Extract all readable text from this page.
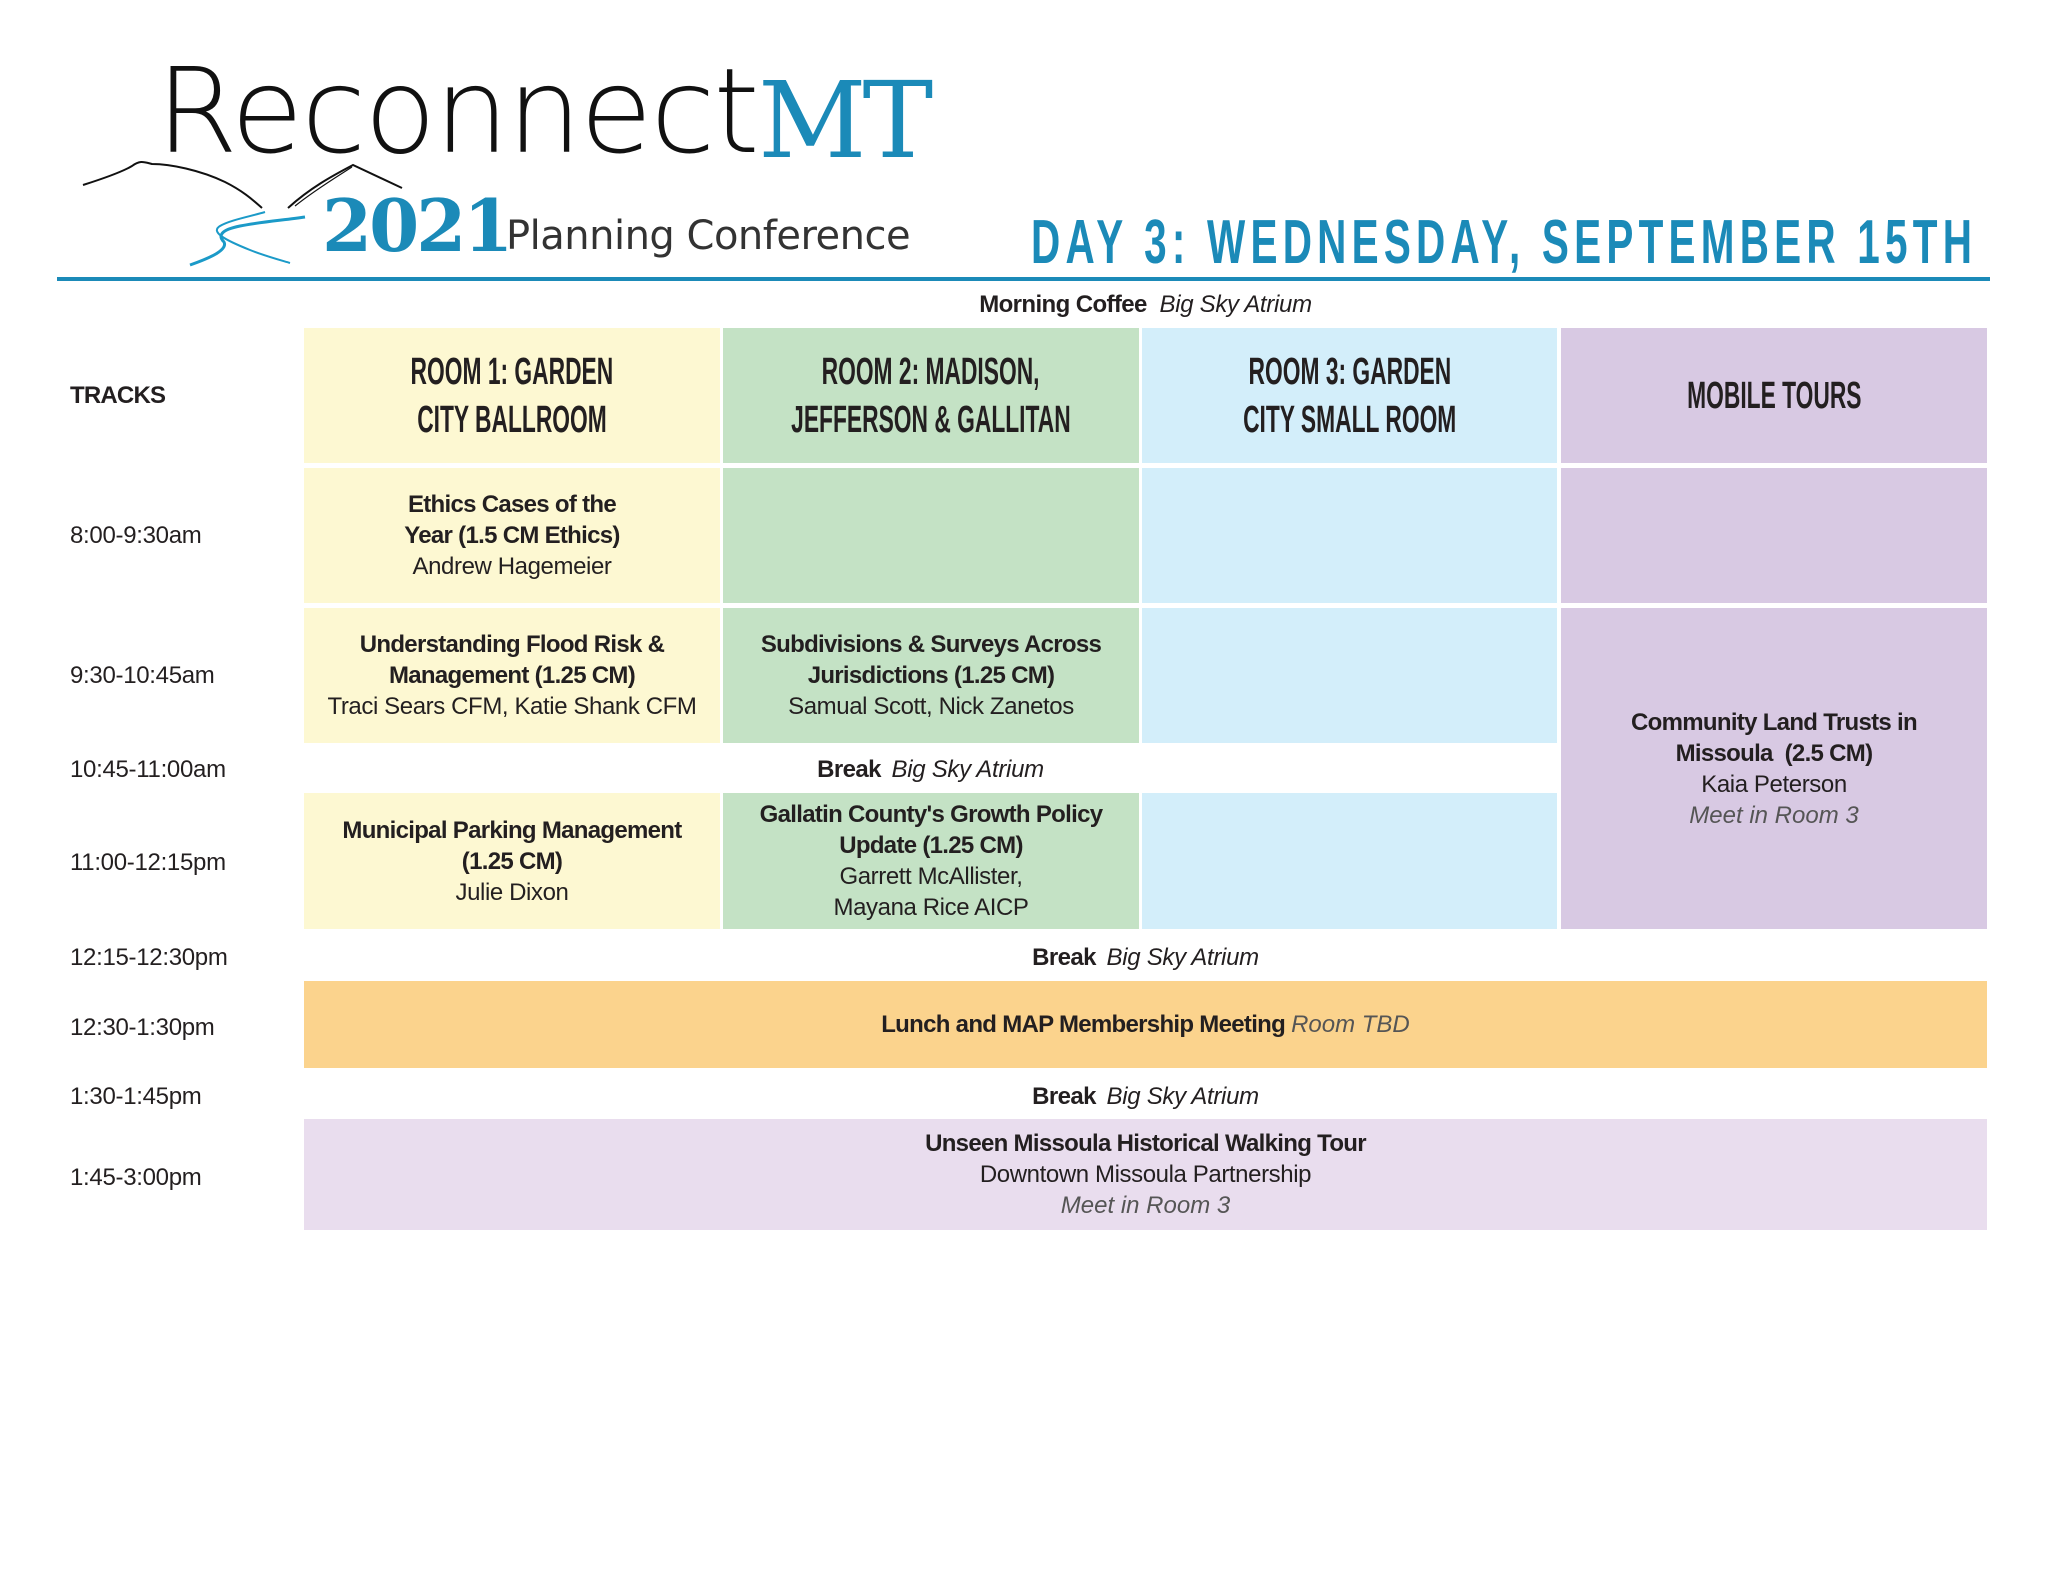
Reconnect MT
2021
Planning Conference DAY 3: WEDNESDAY, SEPTEMBER 15TH
Morning Coffee Big Sky Atrium
TRACKS
ROOM 1: GARDEN
CITY BALLROOM
ROOM 2: MADISON,
JEFFERSON & GALLITAN
ROOM 3: GARDEN
CITY SMALL ROOM
MOBILE TOURS
8:00-9:30am
9:30-10:45am
10:45-11:00am
11:00-12:15pm
12:15-12:30pm
12:30-1:30pm
1:30-1:45pm
1:45-3:00pm
Ethics Cases of the
Year (1.5 CM Ethics)
Andrew Hagemeier
Understanding Flood Risk &
Management (1.25 CM)
Traci Sears CFM, Katie Shank CFM
Subdivisions & Surveys Across
Jurisdictions (1.25 CM)
Samual Scott, Nick Zanetos
Community Land Trusts in
Missoula  (2.5 CM)
Kaia Peterson
Meet in Room 3
Break Big Sky Atrium
Municipal Parking Management
(1.25 CM)
Julie Dixon
Gallatin County's Growth Policy
Update (1.25 CM)
Garrett McAllister,
Mayana Rice AICP
Break Big Sky Atrium
Lunch and MAP Membership Meeting Room TBD
Break Big Sky Atrium
Unseen Missoula Historical Walking Tour
Downtown Missoula Partnership
Meet in Room 3
